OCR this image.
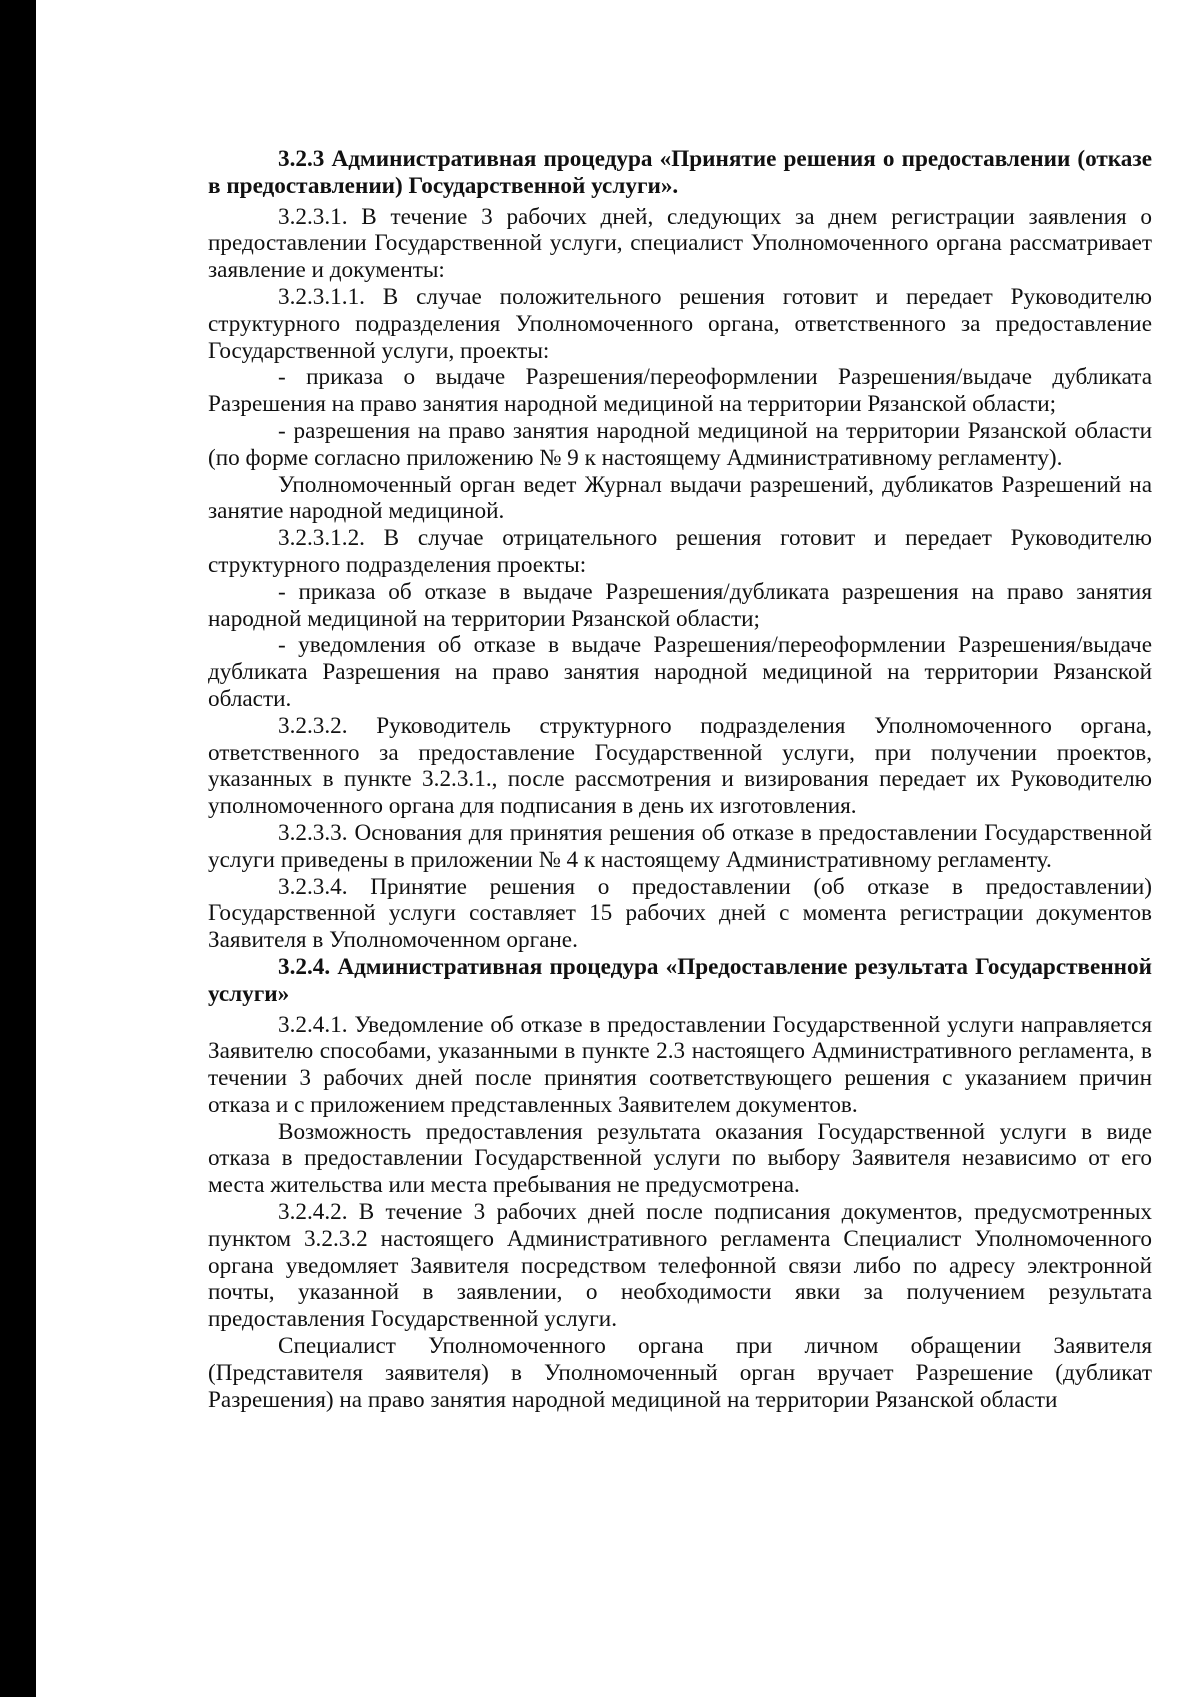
3.2.3 Административная процедура «Принятие решения о предоставлении (отказе в предоставлении) Государственной услуги».

3.2.3.1. В течение 3 рабочих дней, следующих за днем регистрации заявления о предоставлении Государственной услуги, специалист Уполномоченного органа рассматривает заявление и документы:

3.2.3.1.1. В случае положительного решения готовит и передает Руководителю структурного подразделения Уполномоченного органа, ответственного за предоставление Государственной услуги, проекты:

- приказа о выдаче Разрешения/переоформлении Разрешения/выдаче дубликата Разрешения на право занятия народной медициной на территории Рязанской области;

- разрешения на право занятия народной медициной на территории Рязанской области (по форме согласно приложению № 9 к настоящему Административному регламенту).

Уполномоченный орган ведет Журнал выдачи разрешений, дубликатов Разрешений на занятие народной медициной.

3.2.3.1.2. В случае отрицательного решения готовит и передает Руководителю структурного подразделения проекты:

- приказа об отказе в выдаче Разрешения/дубликата разрешения на право занятия народной медициной на территории Рязанской области;

- уведомления об отказе в выдаче Разрешения/переоформлении Разрешения/выдаче дубликата Разрешения на право занятия народной медициной на территории Рязанской области.

3.2.3.2. Руководитель структурного подразделения Уполномоченного органа, ответственного за предоставление Государственной услуги, при получении проектов, указанных в пункте 3.2.3.1., после рассмотрения и визирования передает их Руководителю уполномоченного органа для подписания в день их изготовления.

3.2.3.3. Основания для принятия решения об отказе в предоставлении Государственной услуги приведены в приложении № 4 к настоящему Административному регламенту.

3.2.3.4. Принятие решения о предоставлении (об отказе в предоставлении) Государственной услуги составляет 15 рабочих дней с момента регистрации документов Заявителя в Уполномоченном органе.

3.2.4. Административная процедура «Предоставление результата Государственной услуги»

3.2.4.1. Уведомление об отказе в предоставлении Государственной услуги направляется Заявителю способами, указанными в пункте 2.3 настоящего Административного регламента, в течении 3 рабочих дней после принятия соответствующего решения с указанием причин отказа и с приложением представленных Заявителем документов.

Возможность предоставления результата оказания Государственной услуги в виде отказа в предоставлении Государственной услуги по выбору Заявителя независимо от его места жительства или места пребывания не предусмотрена.

3.2.4.2. В течение 3 рабочих дней после подписания документов, предусмотренных пунктом 3.2.3.2 настоящего Административного регламента Специалист Уполномоченного органа уведомляет Заявителя посредством телефонной связи либо по адресу электронной почты, указанной в заявлении, о необходимости явки за получением результата предоставления Государственной услуги.

Специалист Уполномоченного органа при личном обращении Заявителя (Представителя заявителя) в Уполномоченный орган вручает Разрешение (дубликат Разрешения) на право занятия народной медициной на территории Рязанской области
